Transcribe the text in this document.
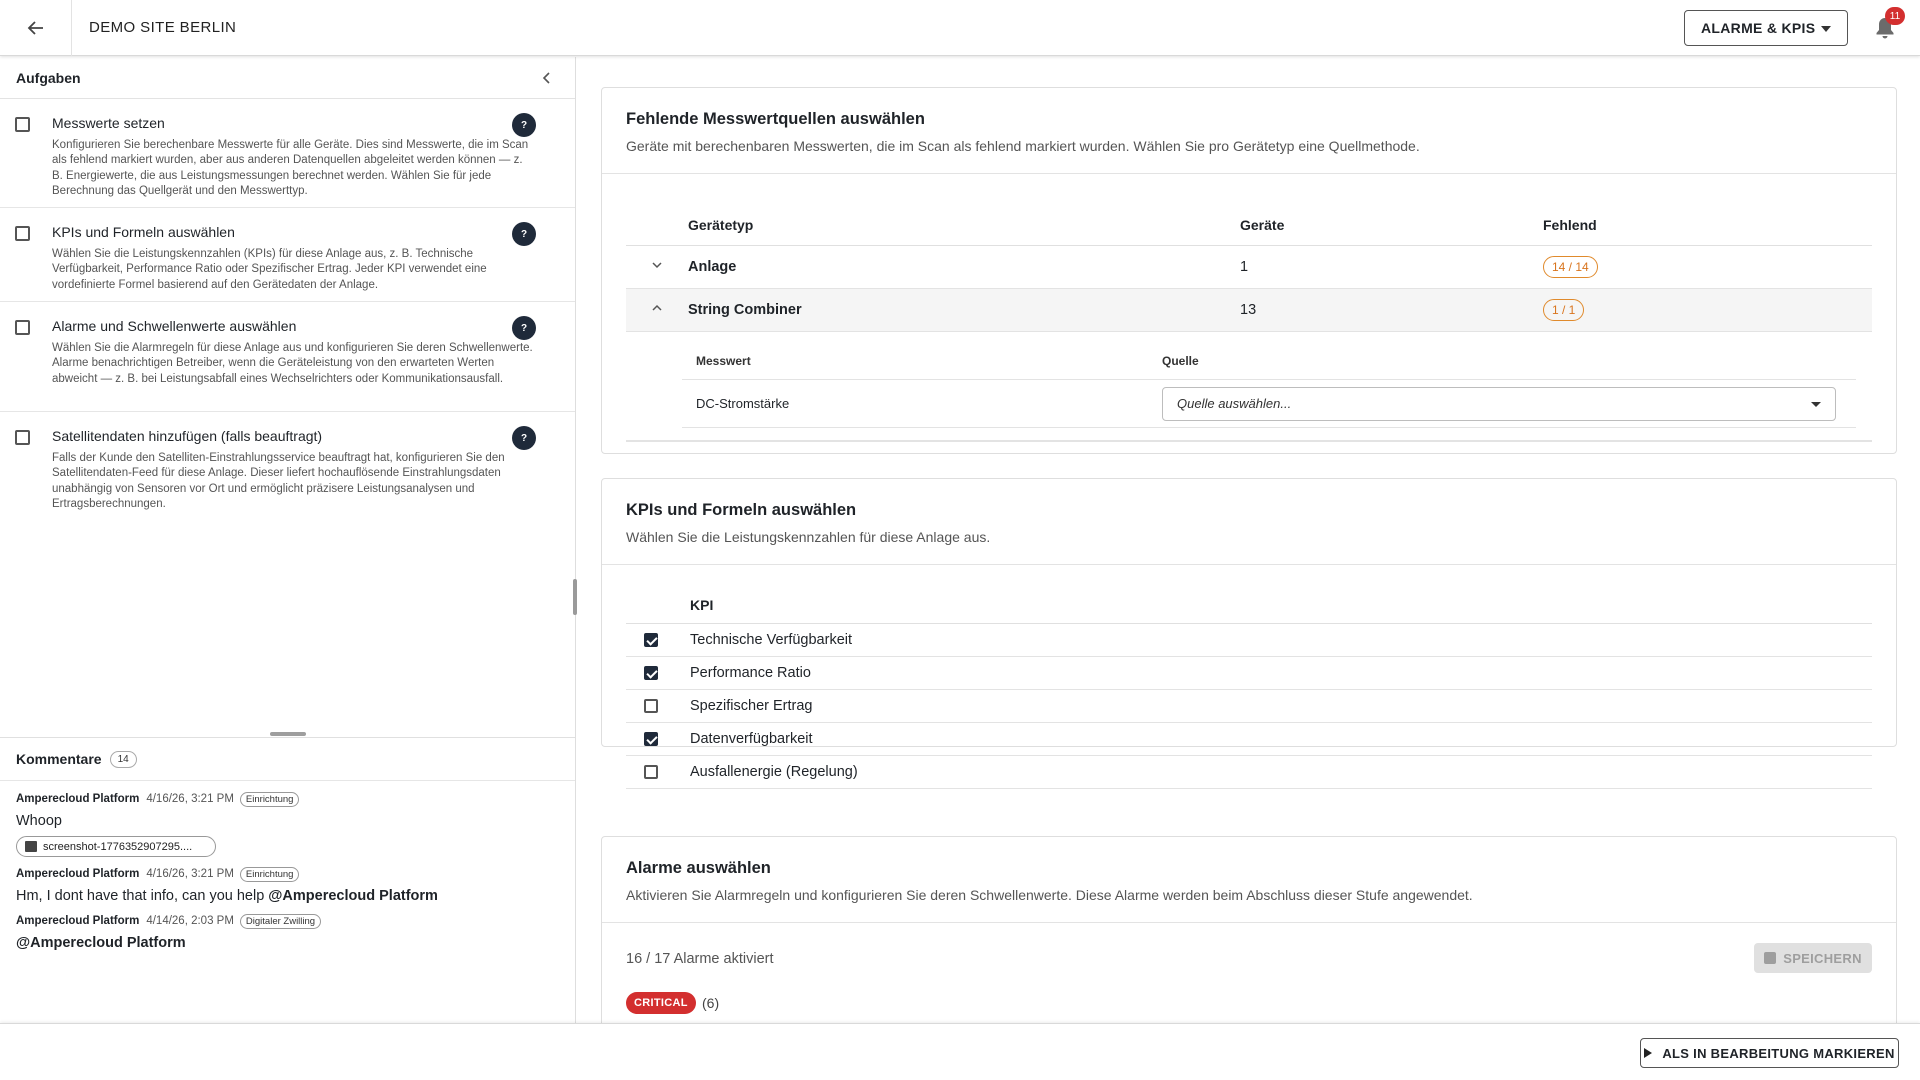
DEMO SITE BERLIN	ALARME & KPIS
11
Aufgaben
Messwerte setzen
Konfigurieren Sie berechenbare Messwerte für alle Geräte. Dies sind Messwerte, die im Scan als fehlend markiert wurden, aber aus anderen Datenquellen abgeleitet werden können — z. B. Energiewerte, die aus Leistungsmessungen berechnet werden. Wählen Sie für jede Berechnung das Quellgerät und den Messwerttyp.
?
KPIs und Formeln auswählen
Wählen Sie die Leistungskennzahlen (KPIs) für diese Anlage aus, z. B. Technische Verfügbarkeit, Performance Ratio oder Spezifischer Ertrag. Jeder KPI verwendet eine vordefinierte Formel basierend auf den Gerätedaten der Anlage.
?
Alarme und Schwellenwerte auswählen
Wählen Sie die Alarmregeln für diese Anlage aus und konfigurieren Sie deren Schwellenwerte. Alarme benachrichtigen Betreiber, wenn die Geräteleistung von den erwarteten Werten abweicht — z. B. bei Leistungsabfall eines Wechselrichters oder Kommunikationsausfall.
?
Satellitendaten hinzufügen (falls beauftragt)
Falls der Kunde den Satelliten-Einstrahlungsservice beauftragt hat, konfigurieren Sie den Satellitendaten-Feed für diese Anlage. Dieser liefert hochauflösende Einstrahlungsdaten unabhängig von Sensoren vor Ort und ermöglicht präzisere Leistungsanalysen und Ertragsberechnungen.
?
Kommentare	14
Amperecloud Platform 4/16/26, 3:21 PM	Einrichtung
Whoop
screenshot-1776352907295....
Amperecloud Platform 4/16/26, 3:21 PM	Einrichtung
Hm, I dont have that info, can you help @Amperecloud Platform
Amperecloud Platform 4/14/26, 2:03 PM	Digitaler Zwilling
@Amperecloud Platform
Kommentar schreiben...
Fehlende Messwertquellen auswählen
Geräte mit berechenbaren Messwerten, die im Scan als fehlend markiert wurden. Wählen Sie pro Gerätetyp eine Quellmethode.
	Gerätetyp	Geräte	Fehlend
	Anlage	1	14 / 14
	String Combiner	13	1 / 1

Messwert	Quelle
DC-Stromstärke	Quelle auswählen...
KPIs und Formeln auswählen
Wählen Sie die Leistungskennzahlen für diese Anlage aus.
	KPI

	Technische Verfügbarkeit

	Performance Ratio

	Spezifischer Ertrag

	Datenverfügbarkeit

	Ausfallenergie (Regelung)
Alarme auswählen
Aktivieren Sie Alarmregeln und konfigurieren Sie deren Schwellenwerte. Diese Alarme werden beim Abschluss dieser Stufe angewendet.
16 / 17 Alarme aktiviert	SPEICHERN
CRITICAL	(6)
ALS IN BEARBEITUNG MARKIEREN
